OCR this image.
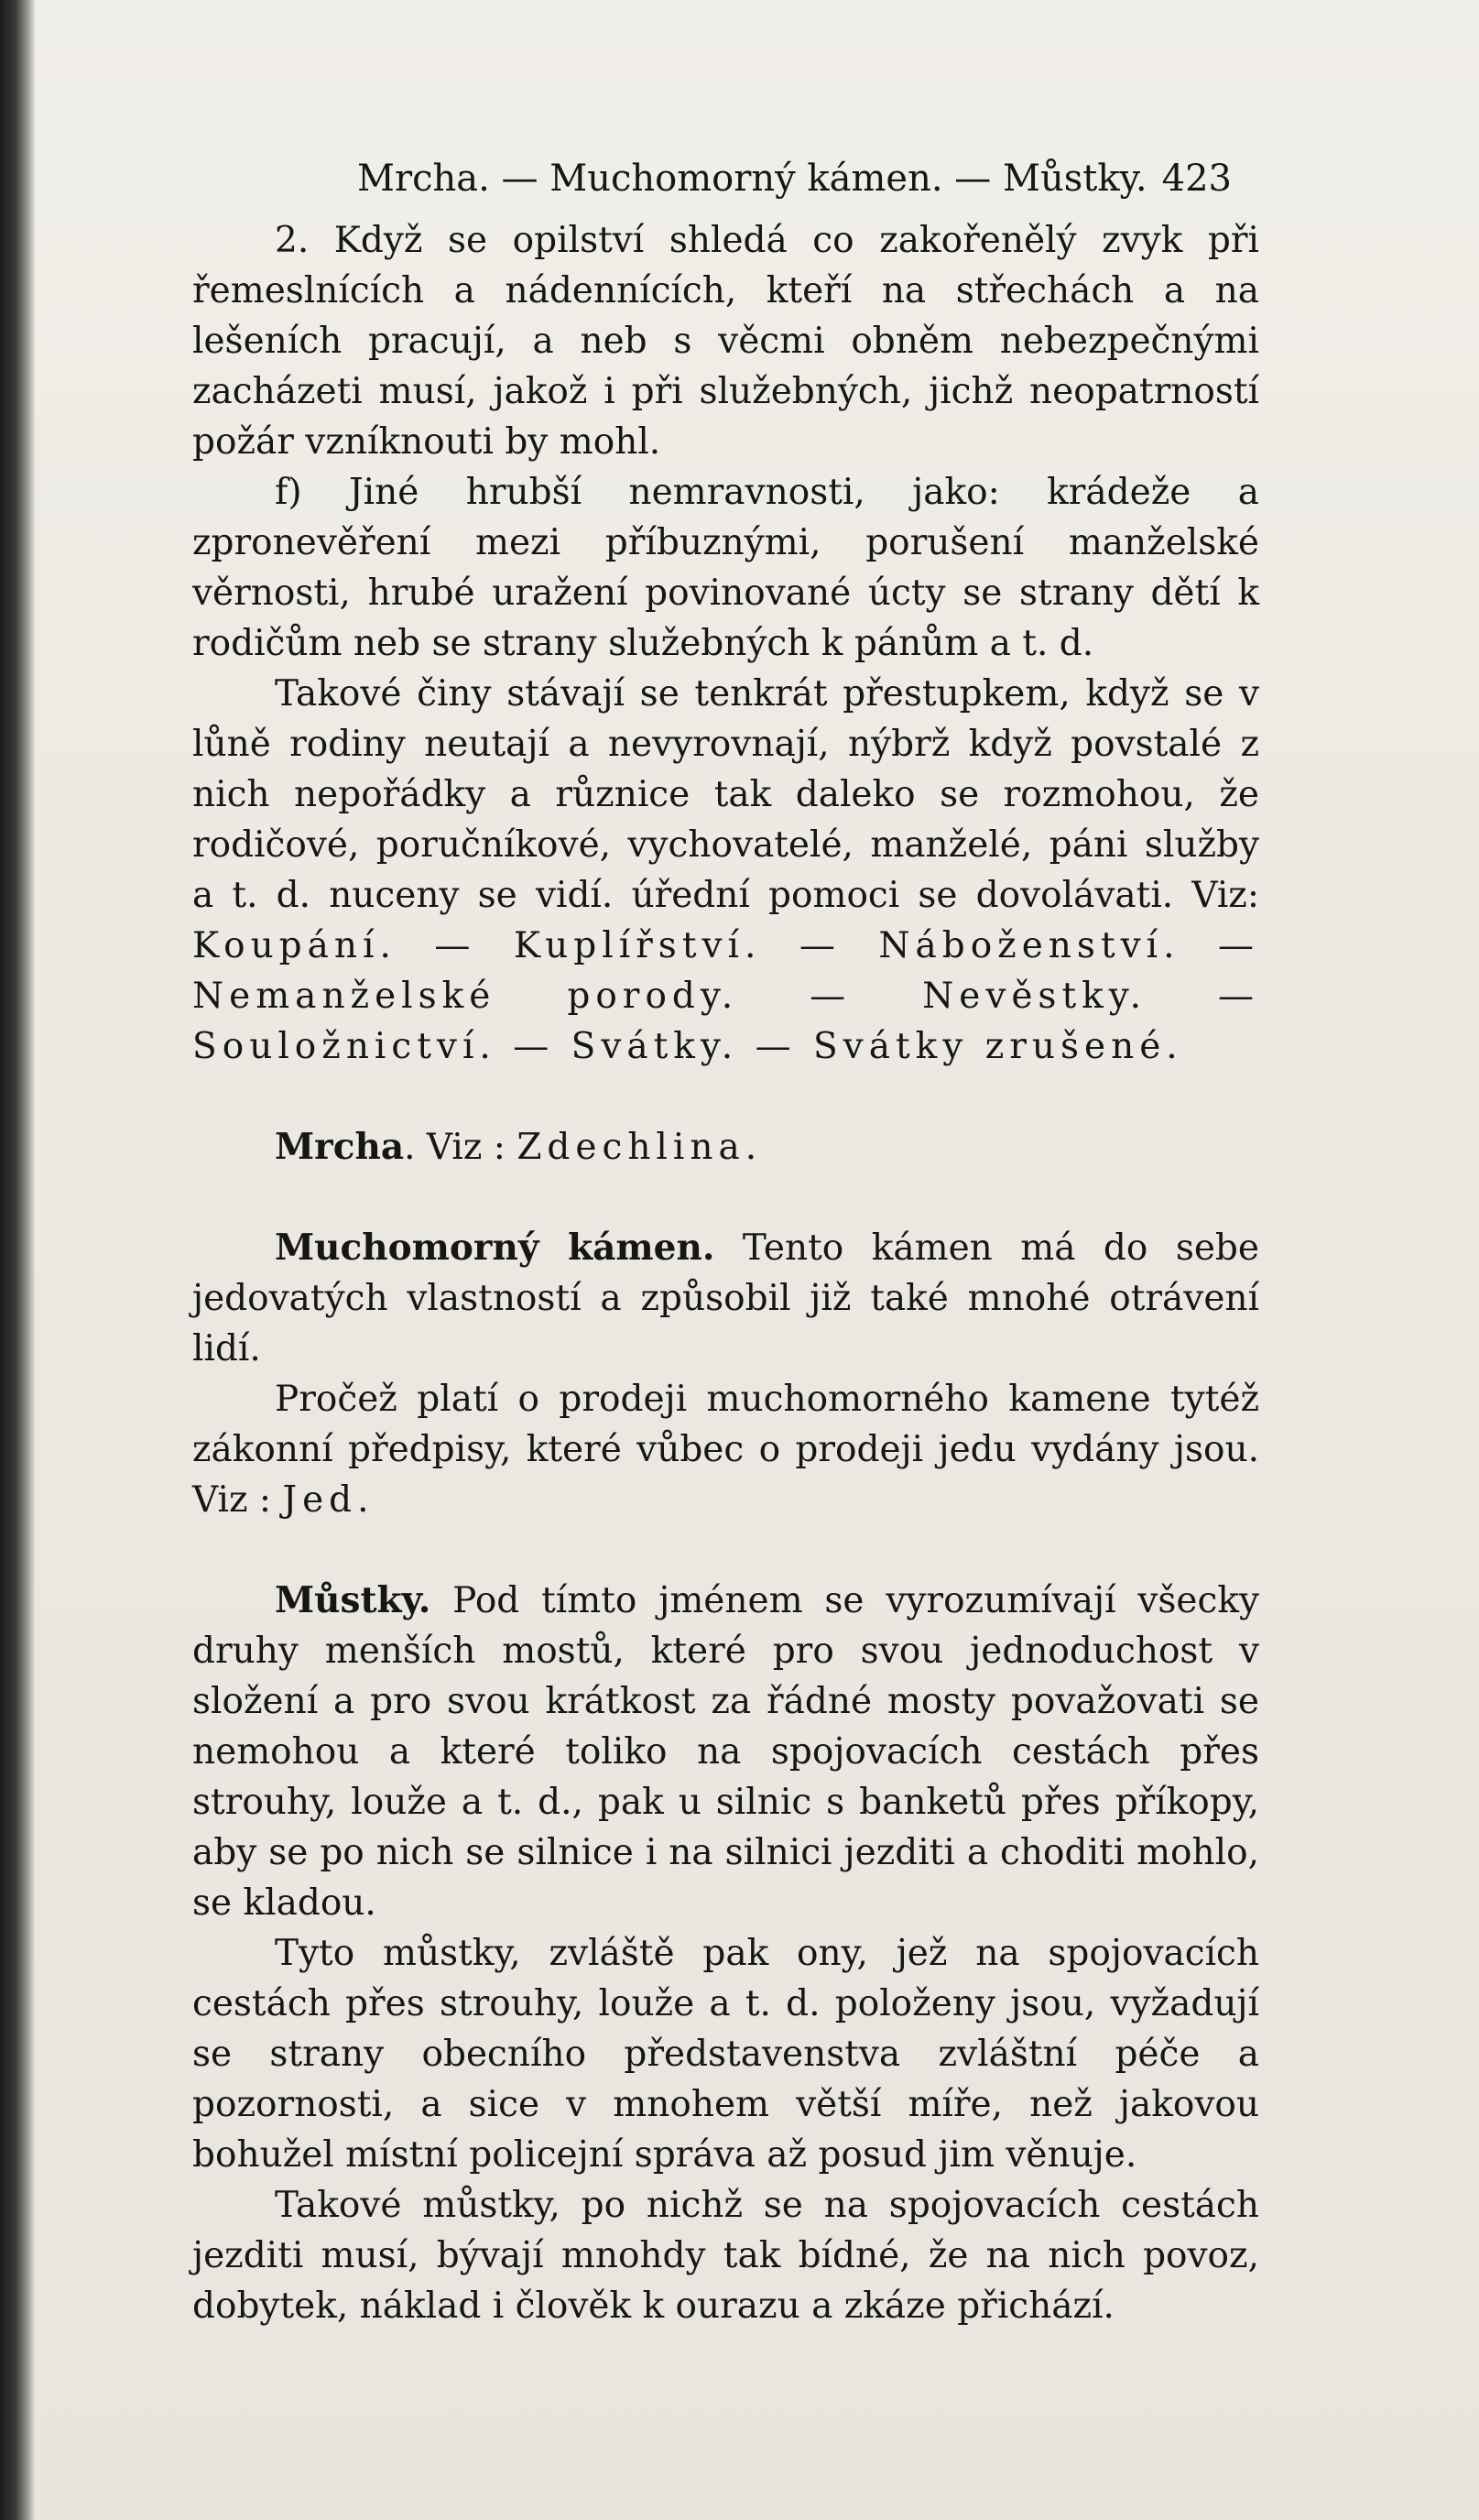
Mrcha. — Muchomorný kámen. — Můstky. 423

2. Když se opilství shledá co zakořenělý zvyk při řemeslnících a nádennících, kteří na střechách a na lešeních pracují, a neb s věcmi obněm nebezpečnými zacházeti musí, jakož i při služebných, jichž neopatrností požár vzníknouti by mohl.

f) Jiné hrubší nemravnosti, jako: krádeže a zpronevěření mezi příbuznými, porušení manželské věrnosti, hrubé uražení povinované úcty se strany dětí k rodičům neb se strany služebných k pánům a t. d.

Takové činy stávají se tenkrát přestupkem, když se v lůně rodiny neutají a nevyrovnají, nýbrž když povstalé z nich nepořádky a různice tak daleko se rozmohou, že rodičové, poručníkové, vychovatelé, manželé, páni služby a t. d. nuceny se vidí. úřední pomoci se dovolávati. Viz: Koupání. — Kuplířství. — Náboženství. — Nemanželské porody. — Nevěstky. — Souložnictví. — Svátky. — Svátky zrušené.

Mrcha. Viz : Zdechlina.

Muchomorný kámen. Tento kámen má do sebe jedovatých vlastností a způsobil již také mnohé otrávení lidí.

Pročež platí o prodeji muchomorného kamene tytéž zákonní předpisy, které vůbec o prodeji jedu vydány jsou. Viz : Jed.

Můstky. Pod tímto jménem se vyrozumívají všecky druhy menších mostů, které pro svou jednoduchost v složení a pro svou krátkost za řádné mosty považovati se nemohou a které toliko na spojovacích cestách přes strouhy, louže a t. d., pak u silnic s banketů přes příkopy, aby se po nich se silnice i na silnici jezditi a choditi mohlo, se kladou.

Tyto můstky, zvláště pak ony, jež na spojovacích cestách přes strouhy, louže a t. d. položeny jsou, vyžadují se strany obecního představenstva zvláštní péče a pozornosti, a sice v mnohem větší míře, než jakovou bohužel místní policejní správa až posud jim věnuje.

Takové můstky, po nichž se na spojovacích cestách jezditi musí, bývají mnohdy tak bídné, že na nich povoz, dobytek, náklad i člověk k ourazu a zkáze přichází.
